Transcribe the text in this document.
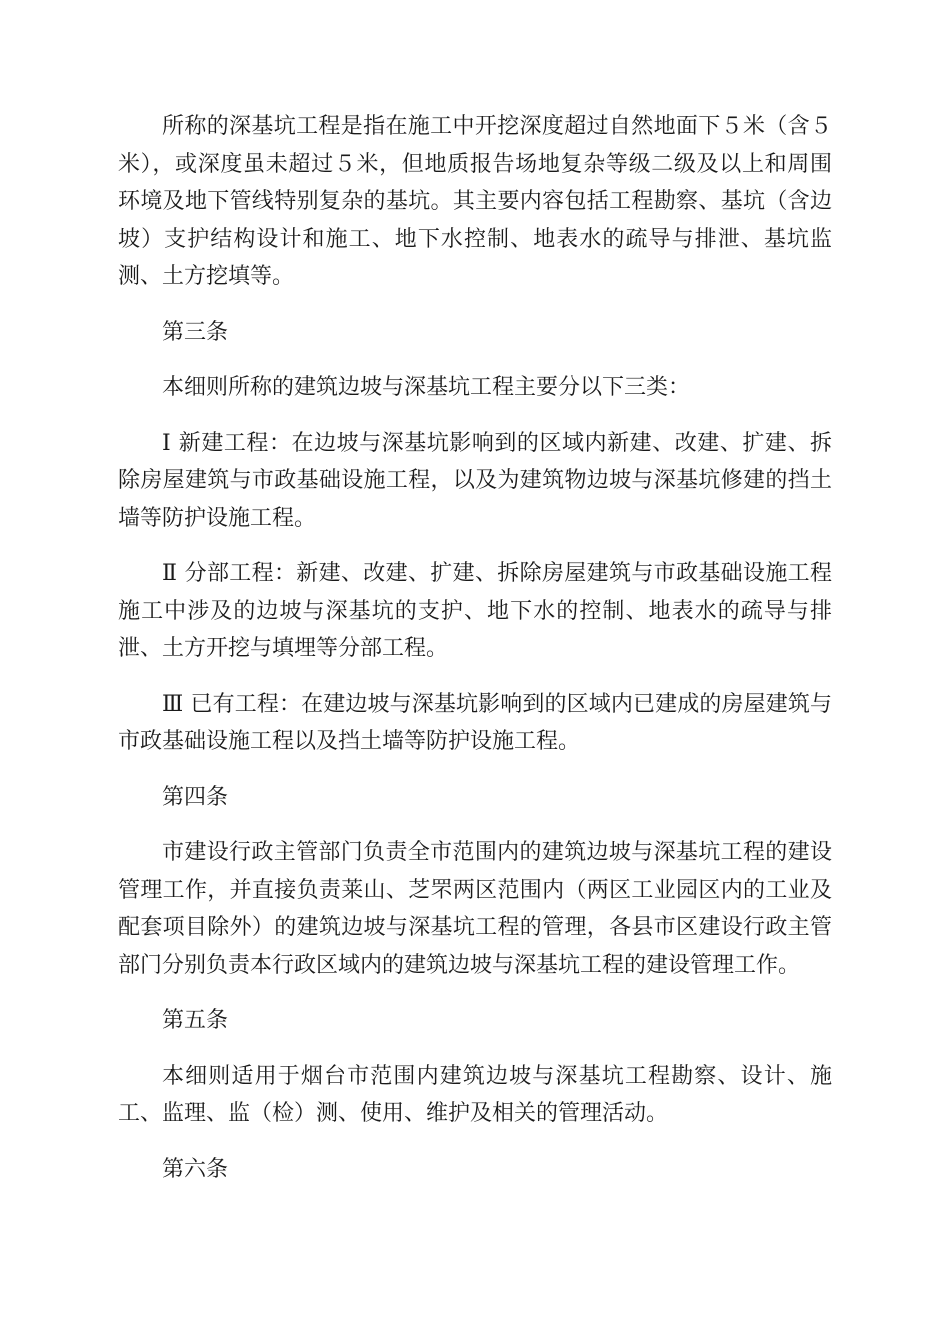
所称的深基坑工程是指在施工中开挖深度超过自然地面下５米（含５米），或深度虽未超过５米，但地质报告场地复杂等级二级及以上和周围环境及地下管线特别复杂的基坑。其主要内容包括工程勘察、基坑（含边坡）支护结构设计和施工、地下水控制、地表水的疏导与排泄、基坑监测、土方挖填等。

第三条

本细则所称的建筑边坡与深基坑工程主要分以下三类：

Ⅰ 新建工程：在边坡与深基坑影响到的区域内新建、改建、扩建、拆除房屋建筑与市政基础设施工程，以及为建筑物边坡与深基坑修建的挡土墙等防护设施工程。

Ⅱ 分部工程：新建、改建、扩建、拆除房屋建筑与市政基础设施工程施工中涉及的边坡与深基坑的支护、地下水的控制、地表水的疏导与排泄、土方开挖与填埋等分部工程。

Ⅲ 已有工程：在建边坡与深基坑影响到的区域内已建成的房屋建筑与市政基础设施工程以及挡土墙等防护设施工程。

第四条

市建设行政主管部门负责全市范围内的建筑边坡与深基坑工程的建设管理工作，并直接负责莱山、芝罘两区范围内（两区工业园区内的工业及配套项目除外）的建筑边坡与深基坑工程的管理，各县市区建设行政主管部门分别负责本行政区域内的建筑边坡与深基坑工程的建设管理工作。

第五条

本细则适用于烟台市范围内建筑边坡与深基坑工程勘察、设计、施工、监理、监（检）测、使用、维护及相关的管理活动。

第六条
